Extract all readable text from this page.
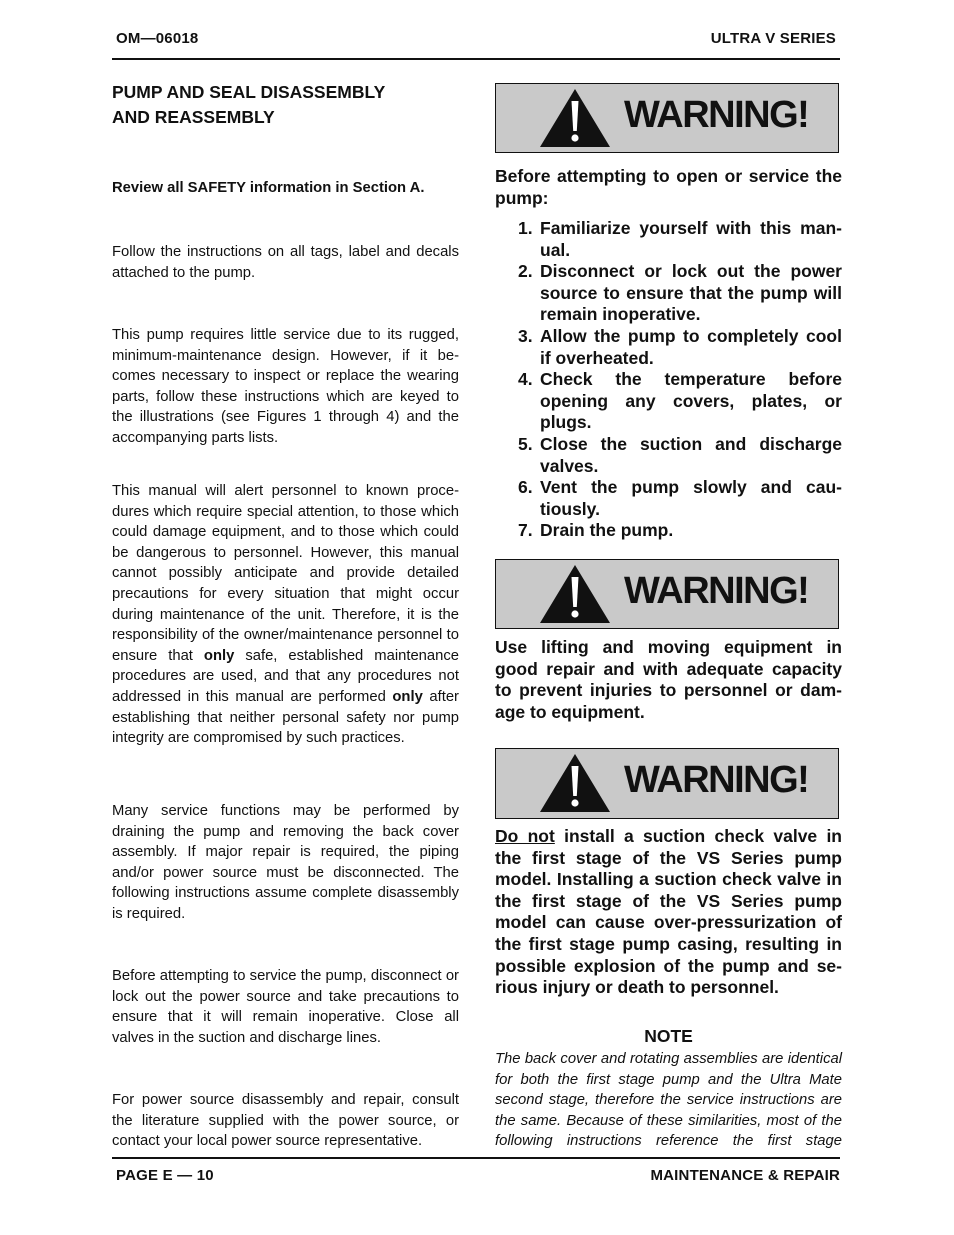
OM—06018	ULTRA V SERIES
PUMP AND SEAL DISASSEMBLY
AND REASSEMBLY
Review all SAFETY information in Section A.
Follow the instructions on all tags, label and decals attached to the pump.
This pump requires little service due to its rugged, minimum-maintenance design. However, if it becomes necessary to inspect or replace the wearing parts, follow these instructions which are keyed to the illustrations (see Figures 1 through 4) and the accompanying parts lists.
This manual will alert personnel to known procedures which require special attention, to those which could damage equipment, and to those which could be dangerous to personnel. However, this manual cannot possibly anticipate and provide detailed precautions for every situation that might occur during maintenance of the unit. Therefore, it is the responsibility of the owner/maintenance personnel to ensure that only safe, established maintenance procedures are used, and that any procedures not addressed in this manual are performed only after establishing that neither personal safety nor pump integrity are compromised by such practices.
Many service functions may be performed by draining the pump and removing the back cover assembly. If major repair is required, the piping and/or power source must be disconnected. The following instructions assume complete disassembly is required.
Before attempting to service the pump, disconnect or lock out the power source and take precautions to ensure that it will remain inoperative. Close all valves in the suction and discharge lines.
For power source disassembly and repair, consult the literature supplied with the power source, or contact your local power source representative.
WARNING!
Before attempting to open or service the pump:
1. Familiarize yourself with this manual.
2. Disconnect or lock out the power source to ensure that the pump will remain inoperative.
3. Allow the pump to completely cool if overheated.
4. Check the temperature before opening any covers, plates, or plugs.
5. Close the suction and discharge valves.
6. Vent the pump slowly and cautiously.
7. Drain the pump.
WARNING!
Use lifting and moving equipment in good repair and with adequate capacity to prevent injuries to personnel or damage to equipment.
WARNING!
Do not install a suction check valve in the first stage of the VS Series pump model. Installing a suction check valve in the first stage of the VS Series pump model can cause over-pressurization of the first stage pump casing, resulting in possible explosion of the pump and serious injury or death to personnel.
NOTE
The back cover and rotating assemblies are identical for both the first stage pump and the Ultra Mate second stage, therefore the service instructions are the same. Because of these similarities, most of the following instructions reference the first stage
PAGE E — 10	MAINTENANCE & REPAIR
